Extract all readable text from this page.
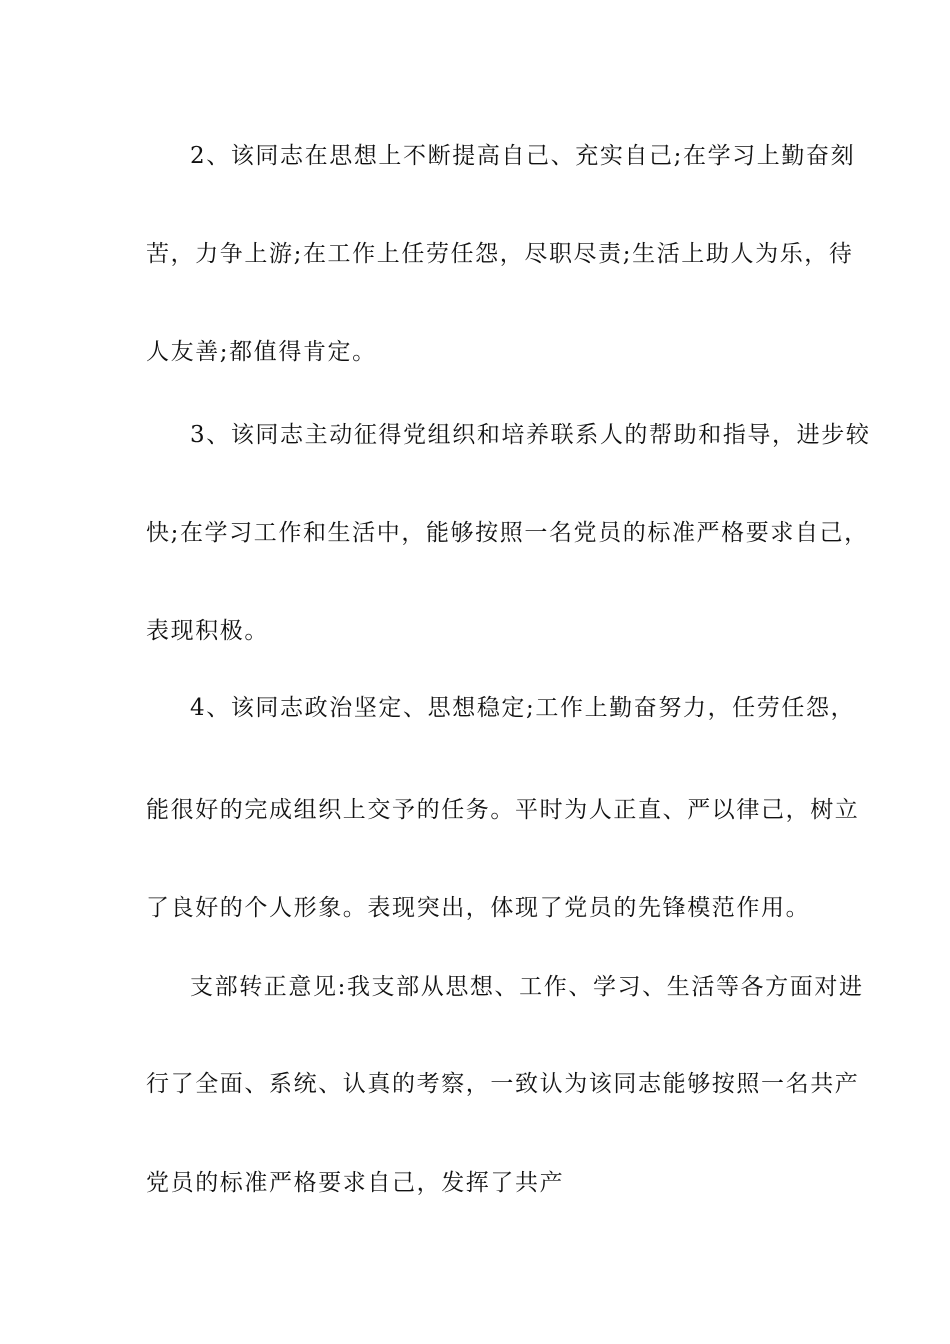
2、该同志在思想上不断提高自己、充实自己;在学习上勤奋刻
苦，力争上游;在工作上任劳任怨，尽职尽责;生活上助人为乐，待
人友善;都值得肯定。
3、该同志主动征得党组织和培养联系人的帮助和指导，进步较
快;在学习工作和生活中，能够按照一名党员的标准严格要求自己，
表现积极。
4、该同志政治坚定、思想稳定;工作上勤奋努力，任劳任怨，
能很好的完成组织上交予的任务。平时为人正直、严以律己，树立
了良好的个人形象。表现突出，体现了党员的先锋模范作用。
支部转正意见:我支部从思想、工作、学习、生活等各方面对进
行了全面、系统、认真的考察，一致认为该同志能够按照一名共产
党员的标准严格要求自己，发挥了共产
